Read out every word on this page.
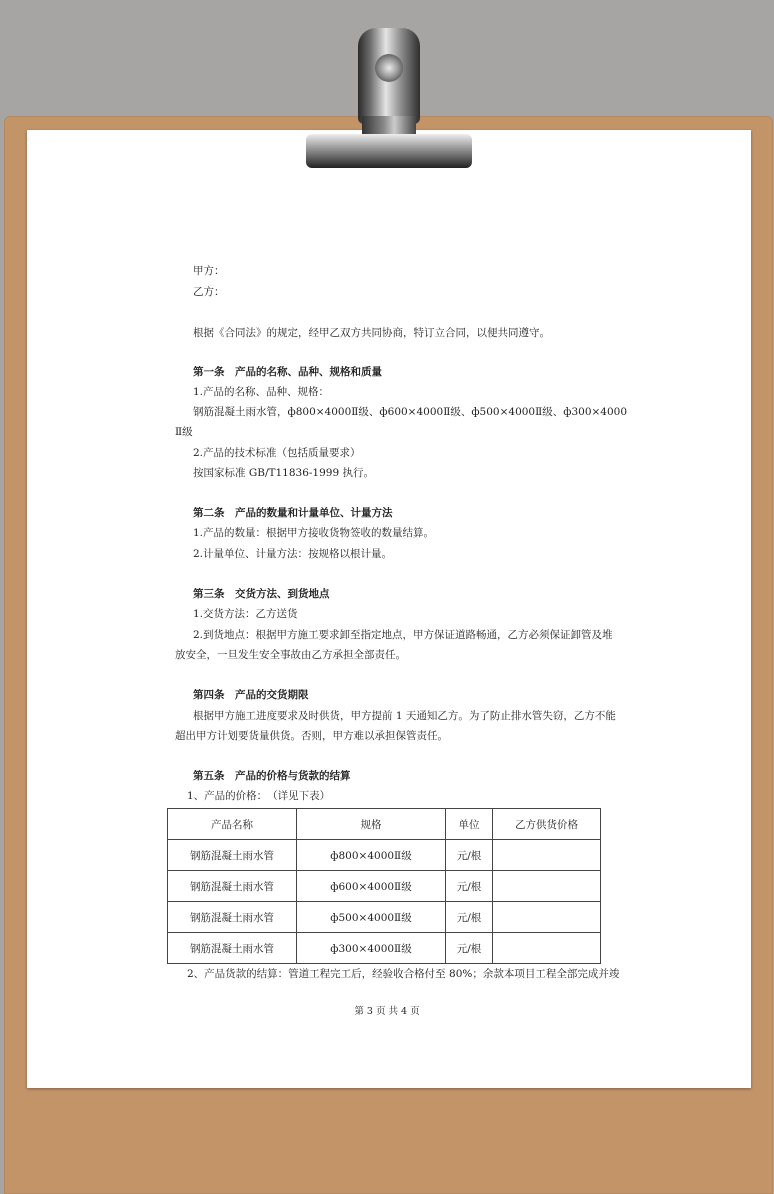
甲方：
乙方：
根据《合同法》的规定，经甲乙双方共同协商，特订立合同，以便共同遵守。
第一条　产品的名称、品种、规格和质量
1.产品的名称、品种、规格：
钢筋混凝土雨水管，ф800×4000Ⅱ级、ф600×4000Ⅱ级、ф500×4000Ⅱ级、ф300×4000
Ⅱ级
2.产品的技术标准（包括质量要求）
按国家标准 GB/T11836-1999 执行。
第二条　产品的数量和计量单位、计量方法
1.产品的数量：根据甲方接收货物签收的数量结算。
2.计量单位、计量方法：按规格以根计量。
第三条　交货方法、到货地点
1.交货方法：乙方送货
2.到货地点：根据甲方施工要求卸至指定地点，甲方保证道路畅通，乙方必须保证卸管及堆
放安全，一旦发生安全事故由乙方承担全部责任。
第四条　产品的交货期限
根据甲方施工进度要求及时供货，甲方提前 1 天通知乙方。为了防止排水管失窃，乙方不能
超出甲方计划要货量供货。否则，甲方难以承担保管责任。
第五条　产品的价格与货款的结算
1、产品的价格：　（详见下表）
产品名称	规格	单位	乙方供货价格
钢筋混凝土雨水管	ф800×4000Ⅱ级	元/根	
钢筋混凝土雨水管	ф600×4000Ⅱ级	元/根	
钢筋混凝土雨水管	ф500×4000Ⅱ级	元/根	
钢筋混凝土雨水管	ф300×4000Ⅱ级	元/根	
2、产品货款的结算：管道工程完工后，经验收合格付至 80%；余款本项目工程全部完成并竣
第 3 页 共 4 页
